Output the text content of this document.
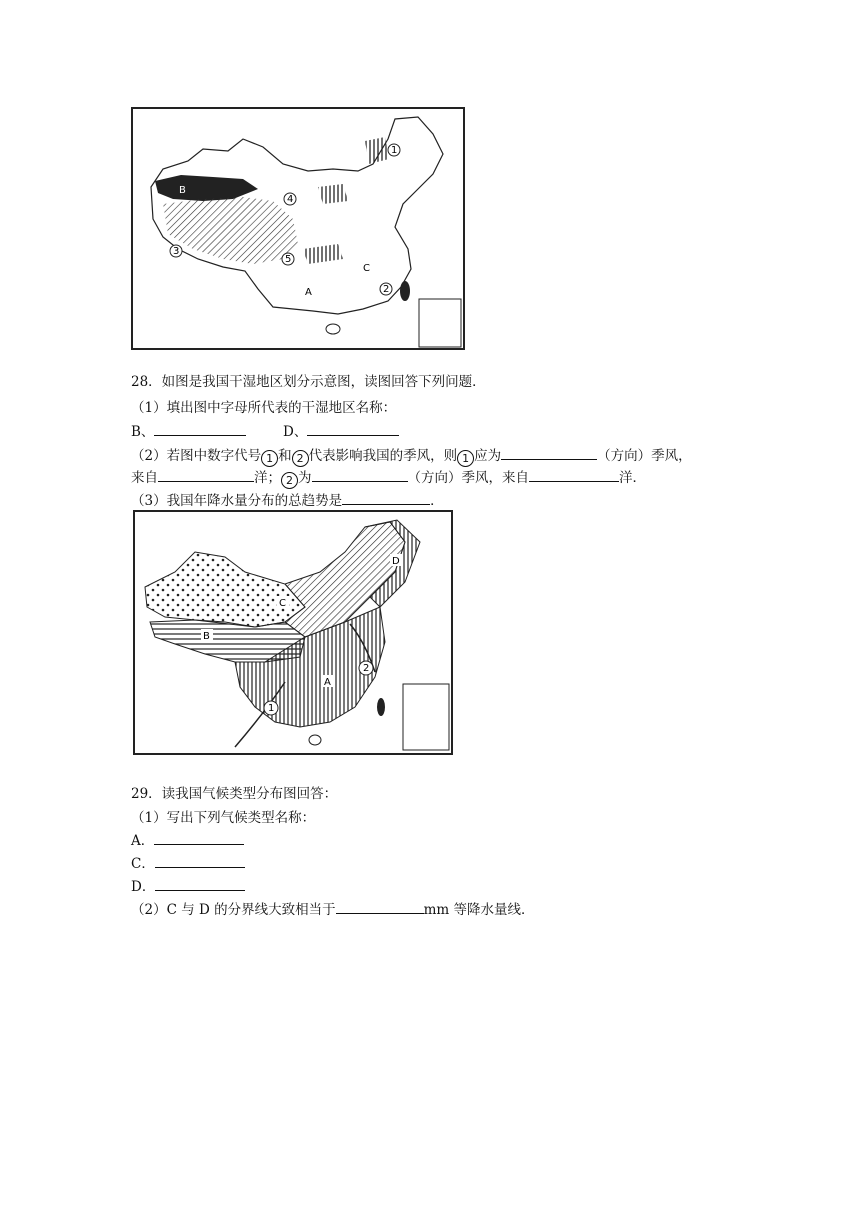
B
4
1
3
5
2
C
A
28．如图是我国干湿地区划分示意图，读图回答下列问题．
（1）填出图中字母所代表的干湿地区名称：
B、	D、
（2）若图中数字代号 1 和 2 代表影响我国的季风，则 1 应为	（方向）季风，
来自	洋； 2 为	（方向）季风，来自	洋．
（3）我国年降水量分布的总趋势是	．
B
C
D
A
1
2
29．读我国气候类型分布图回答：
（1）写出下列气候类型名称：
A．
C．
D．
（2）C 与 D 的分界线大致相当于	mm 等降水量线．
